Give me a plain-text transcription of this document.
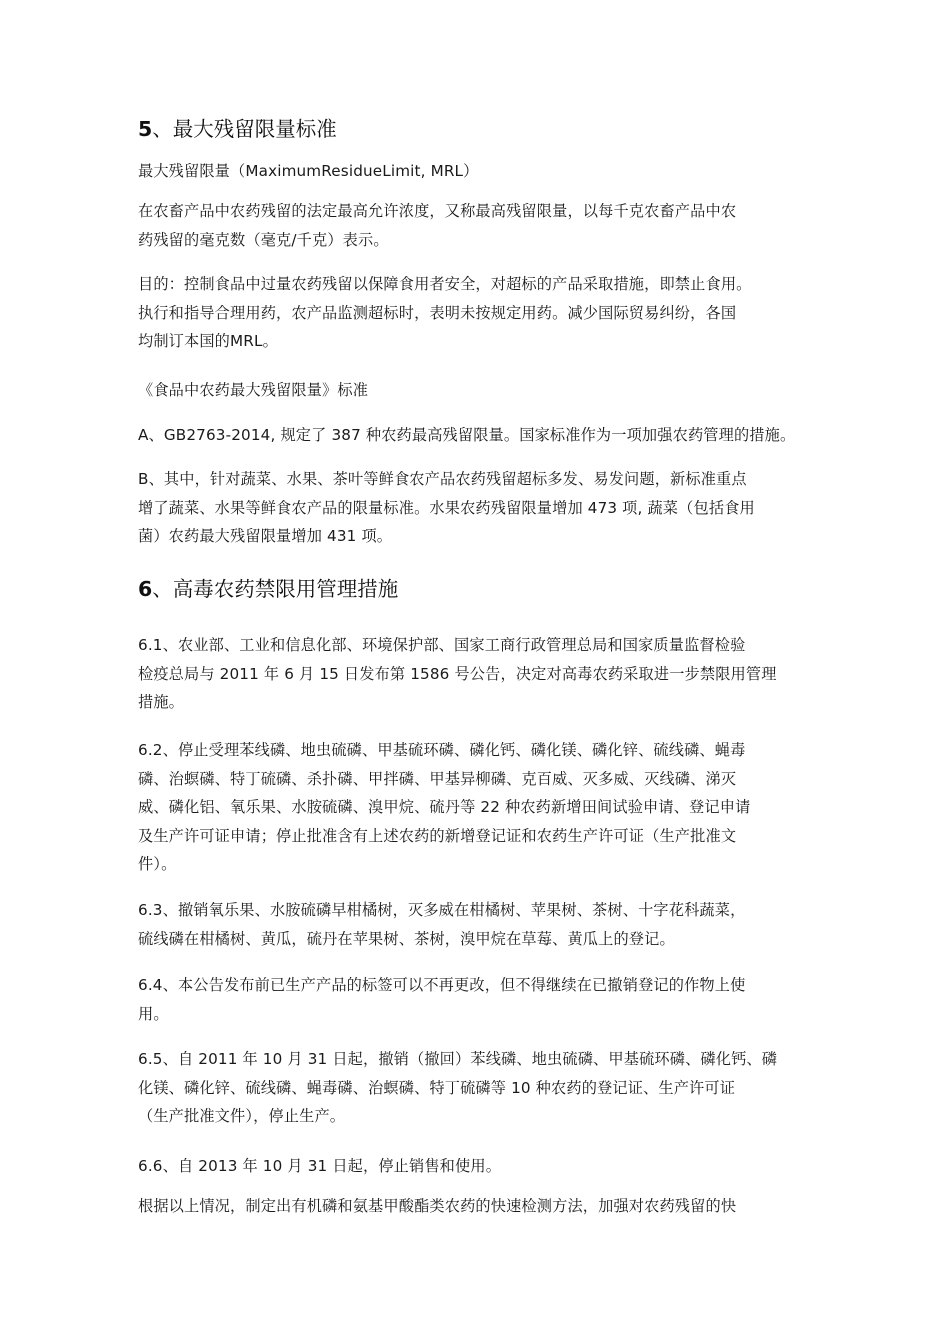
5、最大残留限量标准

最大残留限量（MaximumResidueLimit, MRL）

在农畜产品中农药残留的法定最高允许浓度，又称最高残留限量，以每千克农畜产品中农
药残留的毫克数（毫克/千克）表示。

目的：控制食品中过量农药残留以保障食用者安全，对超标的产品采取措施，即禁止食用。
执行和指导合理用药，农产品监测超标时，表明未按规定用药。减少国际贸易纠纷，各国
均制订本国的MRL。

《食品中农药最大残留限量》标准

A、GB2763-2014, 规定了 387 种农药最高残留限量。国家标准作为一项加强农药管理的措施。

B、其中，针对蔬菜、水果、茶叶等鲜食农产品农药残留超标多发、易发问题，新标准重点
增了蔬菜、水果等鲜食农产品的限量标准。水果农药残留限量增加 473 项, 蔬菜（包括食用
菌）农药最大残留限量增加 431 项。

6、高毒农药禁限用管理措施

6.1、农业部、工业和信息化部、环境保护部、国家工商行政管理总局和国家质量监督检验
检疫总局与 2011 年 6 月 15 日发布第 1586 号公告，决定对高毒农药采取进一步禁限用管理
措施。

6.2、停止受理苯线磷、地虫硫磷、甲基硫环磷、磷化钙、磷化镁、磷化锌、硫线磷、蝇毒
磷、治螟磷、特丁硫磷、杀扑磷、甲拌磷、甲基异柳磷、克百威、灭多威、灭线磷、涕灭
威、磷化铝、氧乐果、水胺硫磷、溴甲烷、硫丹等 22 种农药新增田间试验申请、登记申请
及生产许可证申请；停止批准含有上述农药的新增登记证和农药生产许可证（生产批准文
件）。

6.3、撤销氧乐果、水胺硫磷早柑橘树，灭多威在柑橘树、苹果树、茶树、十字花科蔬菜，
硫线磷在柑橘树、黄瓜，硫丹在苹果树、茶树，溴甲烷在草莓、黄瓜上的登记。

6.4、本公告发布前已生产产品的标签可以不再更改，但不得继续在已撤销登记的作物上使
用。

6.5、自 2011 年 10 月 31 日起，撤销（撤回）苯线磷、地虫硫磷、甲基硫环磷、磷化钙、磷
化镁、磷化锌、硫线磷、蝇毒磷、治螟磷、特丁硫磷等 10 种农药的登记证、生产许可证
（生产批准文件），停止生产。

6.6、自 2013 年 10 月 31 日起，停止销售和使用。

根据以上情况，制定出有机磷和氨基甲酸酯类农药的快速检测方法，加强对农药残留的快
